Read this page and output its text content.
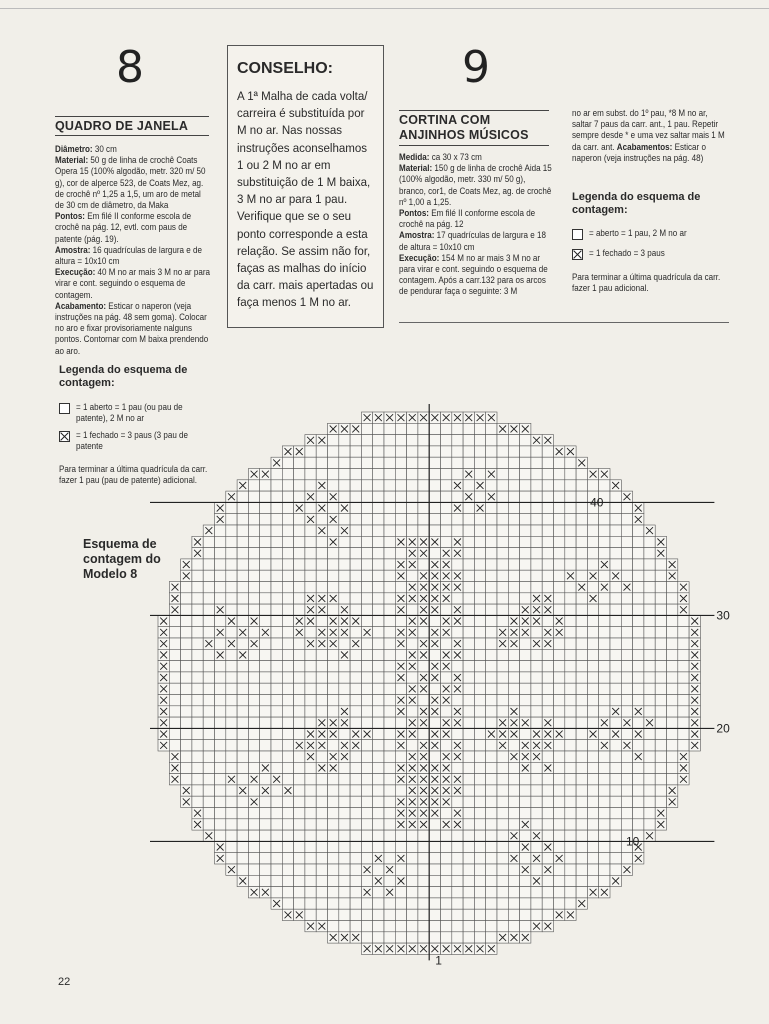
8
QUADRO DE JANELA
Diâmetro: 30 cm
Material: 50 g de linha de crochê Coats Opera 15 (100% algodão, metr. 320 m/ 50 g), cor de alperce 523, de Coats Mez, ag. de crochê nº 1,25 a 1,5, um aro de metal de 30 cm de diâmetro, da Maka
Pontos: Em filé II conforme escola de crochê na pág. 12, evtl. com paus de patente (pág. 19).
Amostra: 16 quadrículas de largura e de altura = 10x10 cm
Execução: 40 M no ar mais 3 M no ar para virar e cont. seguindo o esquema de contagem.
Acabamento: Esticar o naperon (veja instruções na pág. 48 sem goma). Colocar no aro e fixar provisoriamente nalguns pontos. Contornar com M baixa prendendo ao aro.
Legenda do esquema de contagem:
= 1 aberto = 1 pau (ou pau de patente), 2 M no ar
= 1 fechado = 3 paus (3 pau de patente
Para terminar a última quadrícula da carr. fazer 1 pau (pau de patente) adicional.
Esquema de contagem do Modelo 8
CONSELHO:
A 1ª Malha de cada volta/ carreira é substituída por M no ar. Nas nossas instruções aconselhamos 1 ou 2 M no ar em substituição de 1 M baixa, 3 M no ar para 1 pau. Verifique que se o seu ponto corresponde a esta relação. Se assim não for, faças as malhas do início da carr. mais apertadas ou faça menos 1 M no ar.
9
CORTINA COM ANJINHOS MÚSICOS
Medida: ca 30 x 73 cm
Material: 150 g de linha de crochê Aida 15 (100% algodão, metr. 330 m/ 50 g), branco, cor1, de Coats Mez, ag. de crochê nº 1,00 a 1,25.
Pontos: Em filé II conforme escola de crochê na pág. 12
Amostra: 17 quadrículas de largura e 18 de altura = 10x10 cm
Execução: 154 M no ar mais 3 M no ar para virar e cont. seguindo o esquema de contagem. Após a carr.132 para os arcos de pendurar faça o seguinte: 3 M
no ar em subst. do 1º pau, *8 M no ar, saltar 7 paus da carr. ant., 1 pau. Repetir sempre desde * e uma vez saltar mais 1 M da carr. ant. Acabamentos: Esticar o naperon (veja instruções na pág. 48)
Legenda do esquema de contagem:
= aberto = 1 pau, 2 M no ar
= 1 fechado = 3 paus
Para terminar a última quadrícula da carr. fazer 1 pau adicional.
40
30
20
10
1
22
